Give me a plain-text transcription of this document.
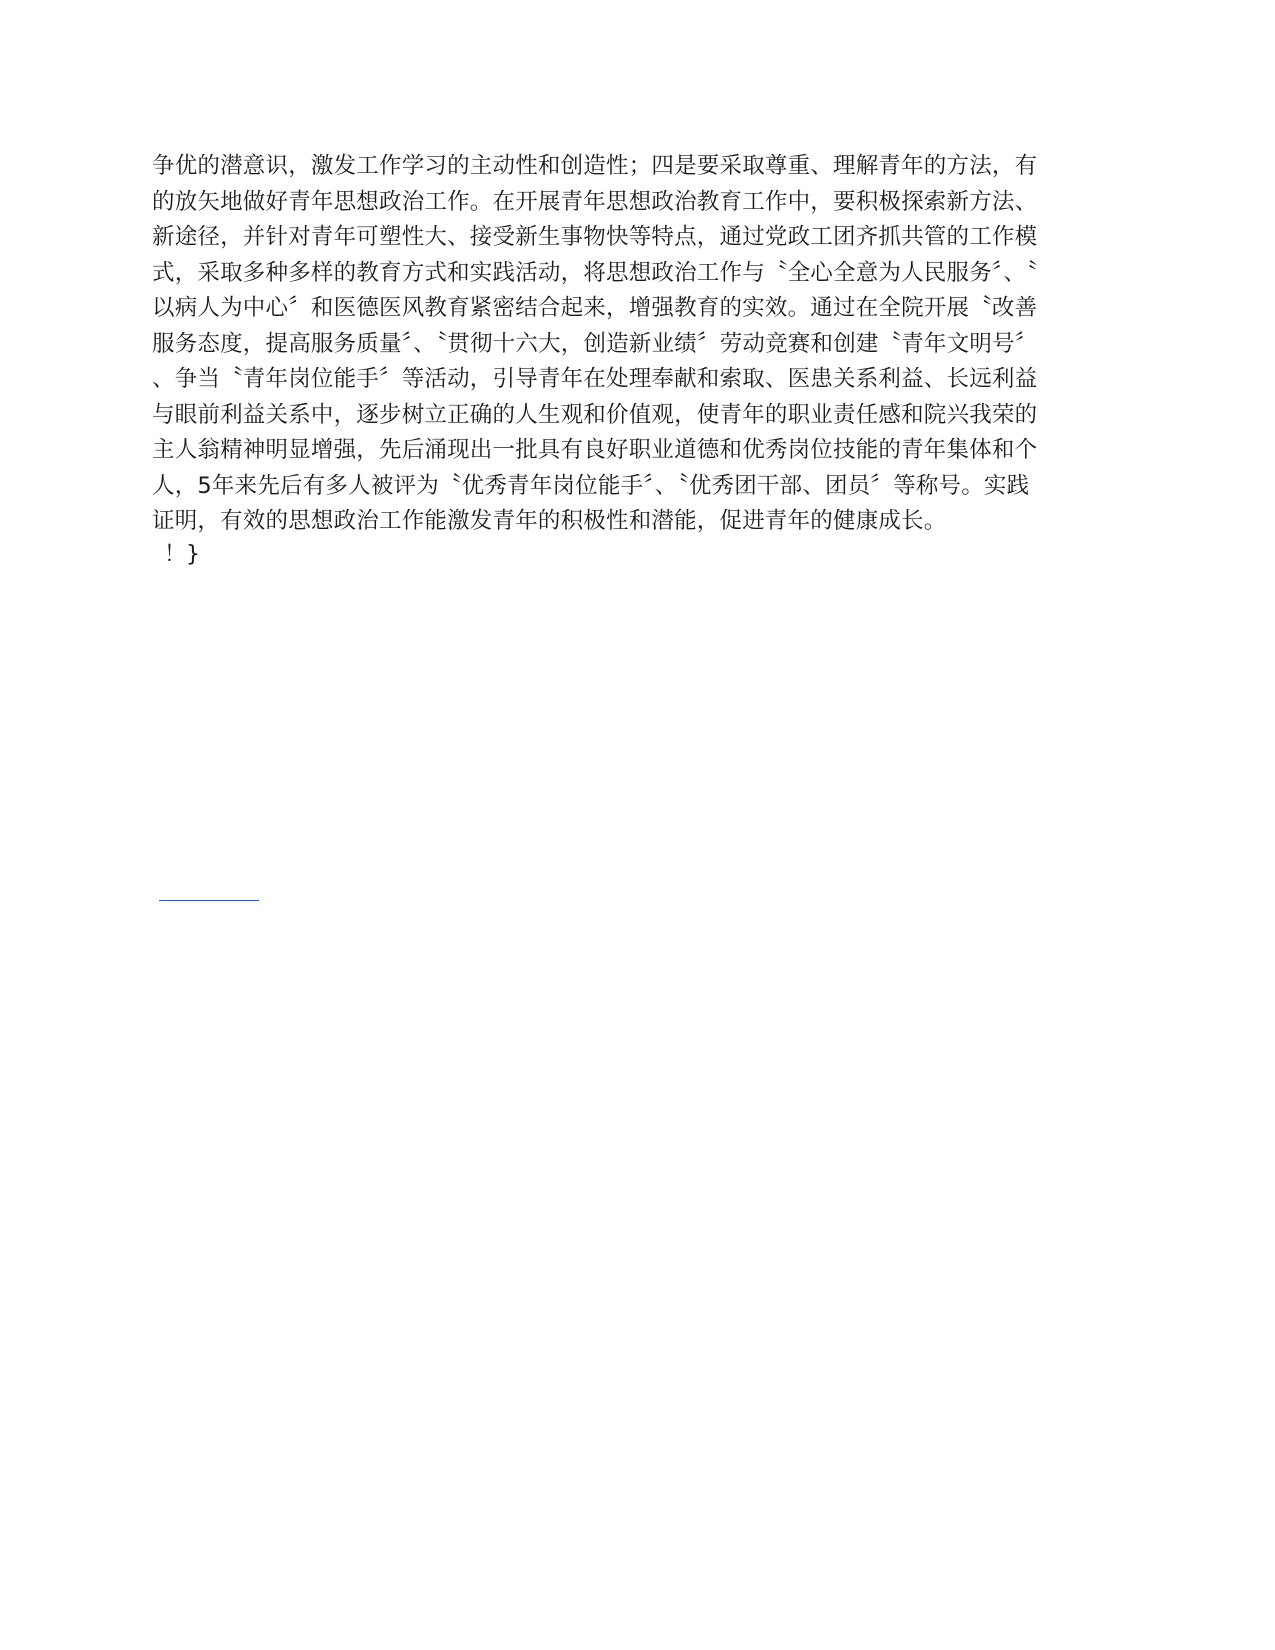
争优的潜意识，激发工作学习的主动性和创造性；四是要采取尊重、理解青年的方法，有
的放矢地做好青年思想政治工作。在开展青年思想政治教育工作中，要积极探索新方法、
新途径，并针对青年可塑性大、接受新生事物快等特点，通过党政工团齐抓共管的工作模
式，采取多种多样的教育方式和实践活动，将思想政治工作与〝全心全意为人民服务〞、〝
以病人为中心〞和医德医风教育紧密结合起来，增强教育的实效。通过在全院开展〝改善
服务态度，提高服务质量〞、〝贯彻十六大，创造新业绩〞劳动竞赛和创建〝青年文明号〞
、争当〝青年岗位能手〞等活动，引导青年在处理奉献和索取、医患关系利益、长远利益
与眼前利益关系中，逐步树立正确的人生观和价值观，使青年的职业责任感和院兴我荣的
主人翁精神明显增强，先后涌现出一批具有良好职业道德和优秀岗位技能的青年集体和个
人，5年来先后有多人被评为〝优秀青年岗位能手〞、〝优秀团干部、团员〞等称号。实践
证明，有效的思想政治工作能激发青年的积极性和潜能，促进青年的健康成长。

！}
